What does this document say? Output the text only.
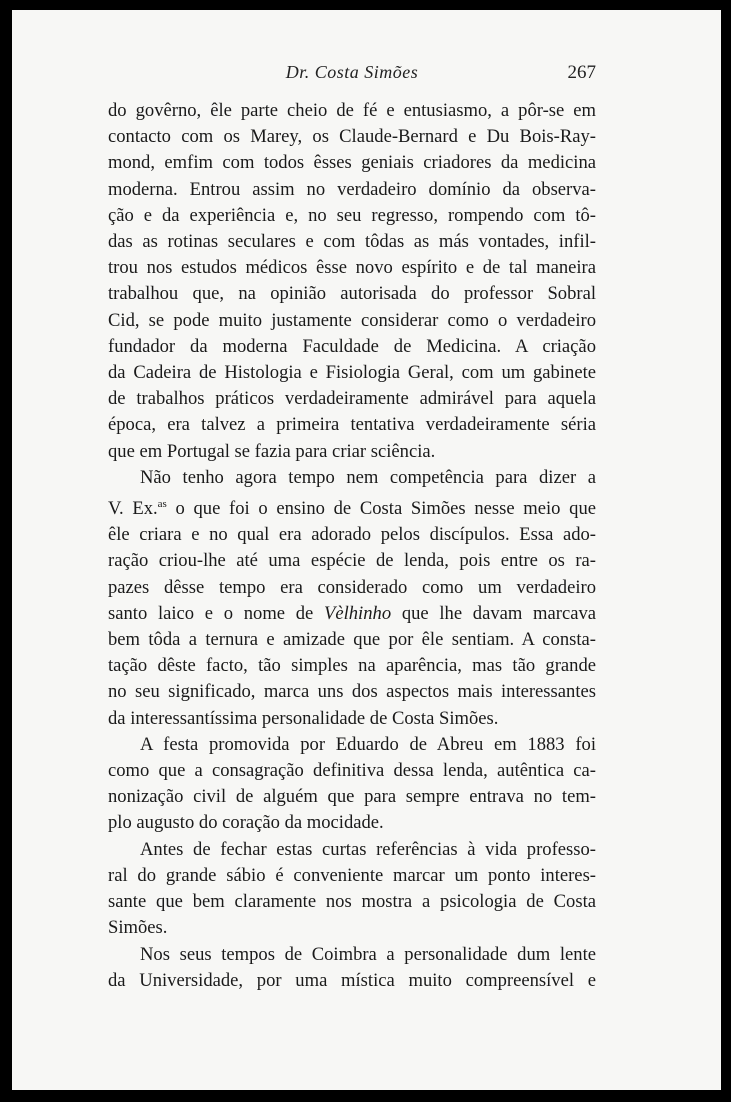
Dr. Costa Simões	267

do govêrno, êle parte cheio de fé e entusiasmo, a pôr-se em
contacto com os Marey, os Claude-Bernard e Du Bois-Ray-
mond, emfim com todos êsses geniais criadores da medicina
moderna. Entrou assim no verdadeiro domínio da observa-
ção e da experiência e, no seu regresso, rompendo com tô-
das as rotinas seculares e com tôdas as más vontades, infil-
trou nos estudos médicos êsse novo espírito e de tal maneira
trabalhou que, na opinião autorisada do professor Sobral
Cid, se pode muito justamente considerar como o verdadeiro
fundador da moderna Faculdade de Medicina. A criação
da Cadeira de Histologia e Fisiologia Geral, com um gabinete
de trabalhos práticos verdadeiramente admirável para aquela
época, era talvez a primeira tentativa verdadeiramente séria
que em Portugal se fazia para criar sciência.

Não tenho agora tempo nem competência para dizer a
V. Ex.$^{as}$ o que foi o ensino de Costa Simões nesse meio que
êle criara e no qual era adorado pelos discípulos. Essa ado-
ração criou-lhe até uma espécie de lenda, pois entre os ra-
pazes dêsse tempo era considerado como um verdadeiro
santo laico e o nome de Vèlhinho que lhe davam marcava
bem tôda a ternura e amizade que por êle sentiam. A consta-
tação dêste facto, tão simples na aparência, mas tão grande
no seu significado, marca uns dos aspectos mais interessantes
da interessantíssima personalidade de Costa Simões.

A festa promovida por Eduardo de Abreu em 1883 foi
como que a consagração definitiva dessa lenda, autêntica ca-
nonização civil de alguém que para sempre entrava no tem-
plo augusto do coração da mocidade.

Antes de fechar estas curtas referências à vida professo-
ral do grande sábio é conveniente marcar um ponto interes-
sante que bem claramente nos mostra a psicologia de Costa
Simões.

Nos seus tempos de Coimbra a personalidade dum lente
da Universidade, por uma mística muito compreensível e
